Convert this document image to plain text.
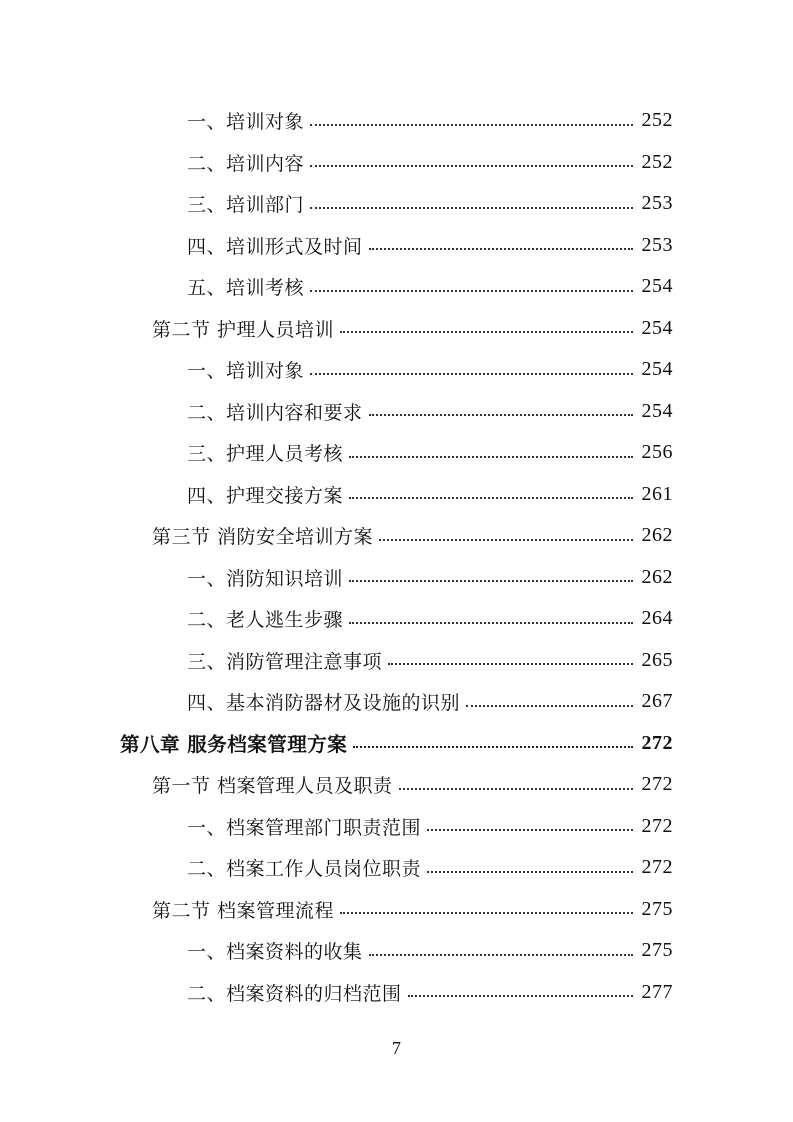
一、培训对象	252
二、培训内容	252
三、培训部门	253
四、培训形式及时间	253
五、培训考核	254
第二节 护理人员培训	254
一、培训对象	254
二、培训内容和要求	254
三、护理人员考核	256
四、护理交接方案	261
第三节 消防安全培训方案	262
一、消防知识培训	262
二、老人逃生步骤	264
三、消防管理注意事项	265
四、基本消防器材及设施的识别	267
第八章 服务档案管理方案	272
第一节 档案管理人员及职责	272
一、档案管理部门职责范围	272
二、档案工作人员岗位职责	272
第二节 档案管理流程	275
一、档案资料的收集	275
二、档案资料的归档范围	277
7
